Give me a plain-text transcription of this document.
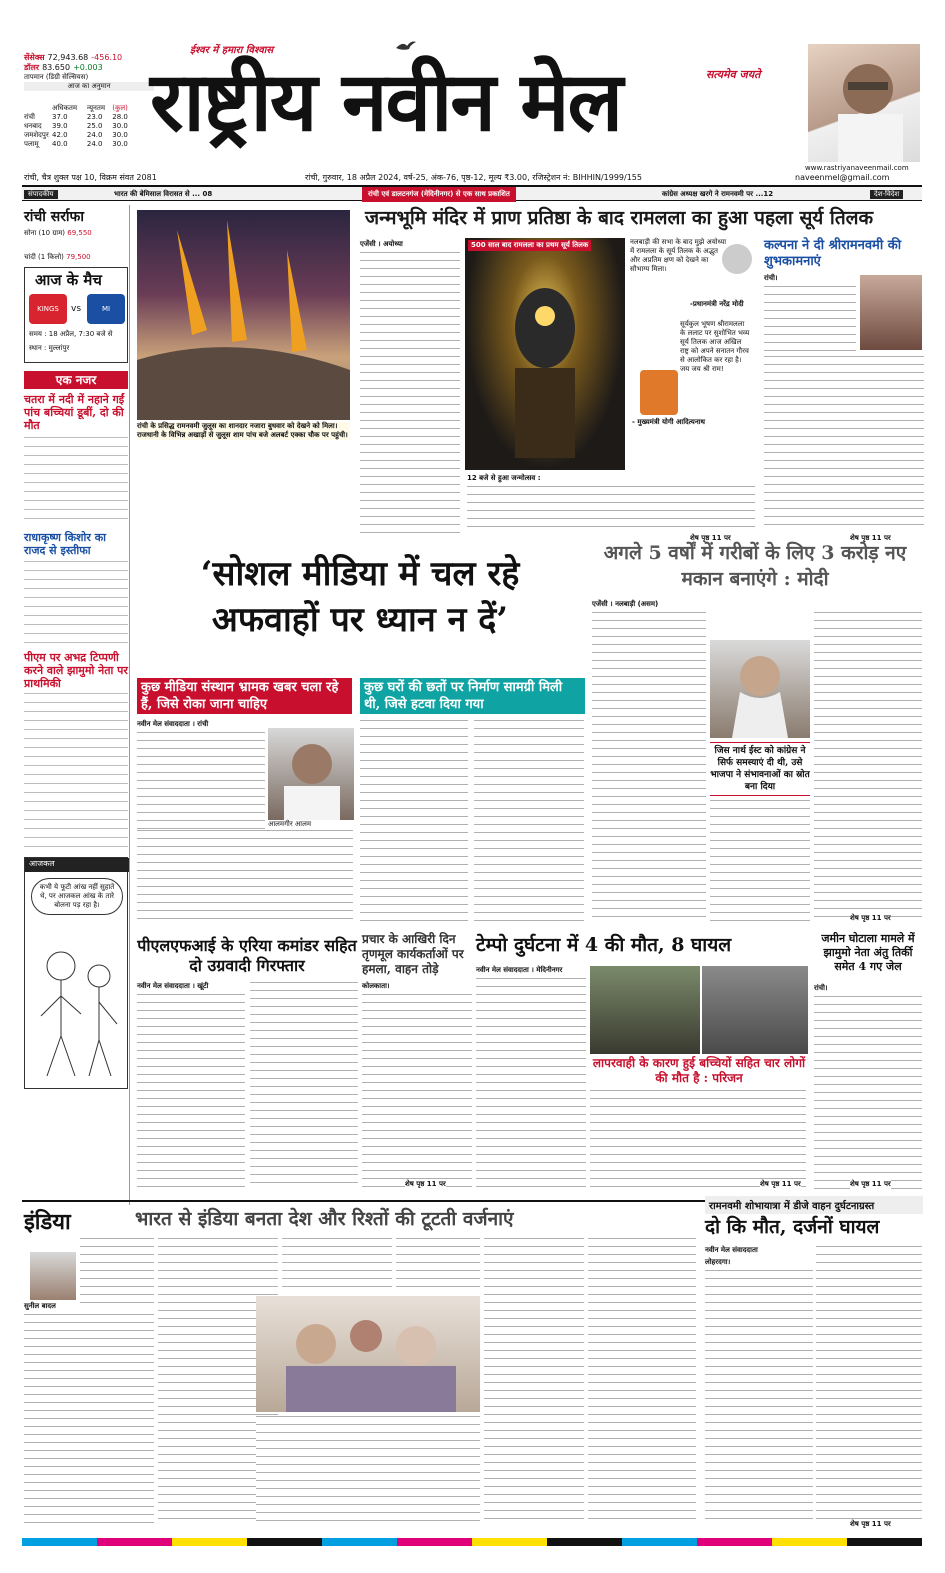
सेंसेक्स 72,943.68 -456.10
डॉलर 83.650 +0.003
तापमान (डिग्री सेल्सियस)
आज का अनुमान
	अधिकतम	न्यूनतम	(कुल)
रांची	37.0	23.0	28.0
धनबाद	39.0	25.0	30.0
जमशेदपुर	42.0	24.0	30.0
पलामू	40.0	24.0	30.0
ईश्वर में हमारा विश्वास
राष्ट्रीय नवीन मेल	सत्यमेव जयते
www.rastriyanaveenmail.com
रांची, चैत्र शुक्ल पक्ष 10, विक्रम संवत 2081	रांची, गुरुवार, 18 अप्रैल 2024, वर्ष-25, अंक-76, पृष्ठ-12, मूल्य ₹3.00, रजिस्ट्रेशन नं: BIHHIN/1999/155	naveenmel@gmail.com
संपादकीय	भारत की बेमिसाल विरासत से ... 08	रांची एवं डालटनगंज (मेदिनीनगर) से एक साथ प्रकाशित	कांग्रेस अध्यक्ष खरगे ने रामनवमी पर ...12	देश-विदेश
रांची सर्राफा
सोना (10 ग्राम) 69,550
चांदी (1 किलो) 79,500
आज के मैच
KINGS	vs	MI
समय : 18 अप्रैल, 7:30 बजे से
स्थान : मुल्लांपुर
एक नजर
चतरा में नदी में नहाने गईं पांच बच्चियां डूबीं, दो की मौत
राधाकृष्ण किशोर का राजद से इस्तीफा
पीएम पर अभद्र टिप्पणी करने वाले झामुमो नेता पर प्राथमिकी
आजकल
कभी ये फूटी आंख नहीं सुहाते थे, पर आजकल आंख के तारे बोलना पड़ रहा है।
जन्मभूमि मंदिर में प्राण प्रतिष्ठा के बाद रामलला का हुआ पहला सूर्य तिलक
रांची के प्रसिद्ध रामनवमी जुलूस का शानदार नजारा बुधवार को देखने को मिला। राजधानी के विभिन्न अखाड़ों से जुलूस शाम पांच बजे अलबर्ट एक्का चौक पर पहुंची।
एजेंसी । अयोध्या	500 साल बाद रामलला का प्रथम सूर्य तिलक	नलबाड़ी की सभा के बाद मुझे अयोध्या में रामलला के सूर्य तिलक के अद्भुत और अप्रतिम क्षण को देखने का सौभाग्य मिला।
-प्रधानमंत्री नरेंद्र मोदी
सूर्यकुल भूषण श्रीरामलला के ललाट पर सुशोभित भव्य सूर्य तिलक आज अखिल राष्ट्र को अपने सनातन गौरव से आलोकित कर रहा है। जय जय श्री राम!
- मुख्यमंत्री योगी आदित्यनाथ
12 बजे से हुआ जन्मोत्सव :
शेष पृष्ठ 11 पर
कल्पना ने दी श्रीरामनवमी की शुभकामनाएं
रांची।
शेष पृष्ठ 11 पर
‘सोशल मीडिया में चल रहे
अफवाहों पर ध्यान न दें’
कुछ मीडिया संस्थान भ्रामक खबर चला रहे हैं, जिसे रोका जाना चाहिए
कुछ घरों की छतों पर निर्माण सामग्री मिली थी, जिसे हटवा दिया गया
नवीन मेल संवाददाता । रांची
आलमगीर आलम
अगले 5 वर्षों में गरीबों के लिए 3 करोड़ नए मकान बनाएंगे : मोदी
एजेंसी । नलबाड़ी (असम)
जिस नार्थ ईस्ट को कांग्रेस ने सिर्फ समस्याएं दी थी, उसे भाजपा ने संभावनाओं का स्रोत बना दिया
शेष पृष्ठ 11 पर
पीएलएफआई के एरिया कमांडर सहित दो उग्रवादी गिरफ्तार
नवीन मेल संवाददाता । खूंटी
प्रचार के आखिरी दिन तृणमूल कार्यकर्ताओं पर हमला, वाहन तोड़े
कोलकाता।
शेष पृष्ठ 11 पर
टेम्पो दुर्घटना में 4 की मौत, 8 घायल
नवीन मेल संवाददाता । मेदिनीनगर
लापरवाही के कारण हुई बच्चियों सहित चार लोगों की मौत है : परिजन
शेष पृष्ठ 11 पर
जमीन घोटाला मामले में झामुमो नेता अंतु तिर्की समेत 4 गए जेल
रांची।
शेष पृष्ठ 11 पर
इंडिया	भारत से इंडिया बनता देश और रिश्तों की टूटती वर्जनाएं
सुनील बादल
रामनवमी शोभायात्रा में डीजे वाहन दुर्घटनाग्रस्त
दो कि मौत, दर्जनों घायल
नवीन मेल संवाददाता
लोहरदगा।
शेष पृष्ठ 11 पर
